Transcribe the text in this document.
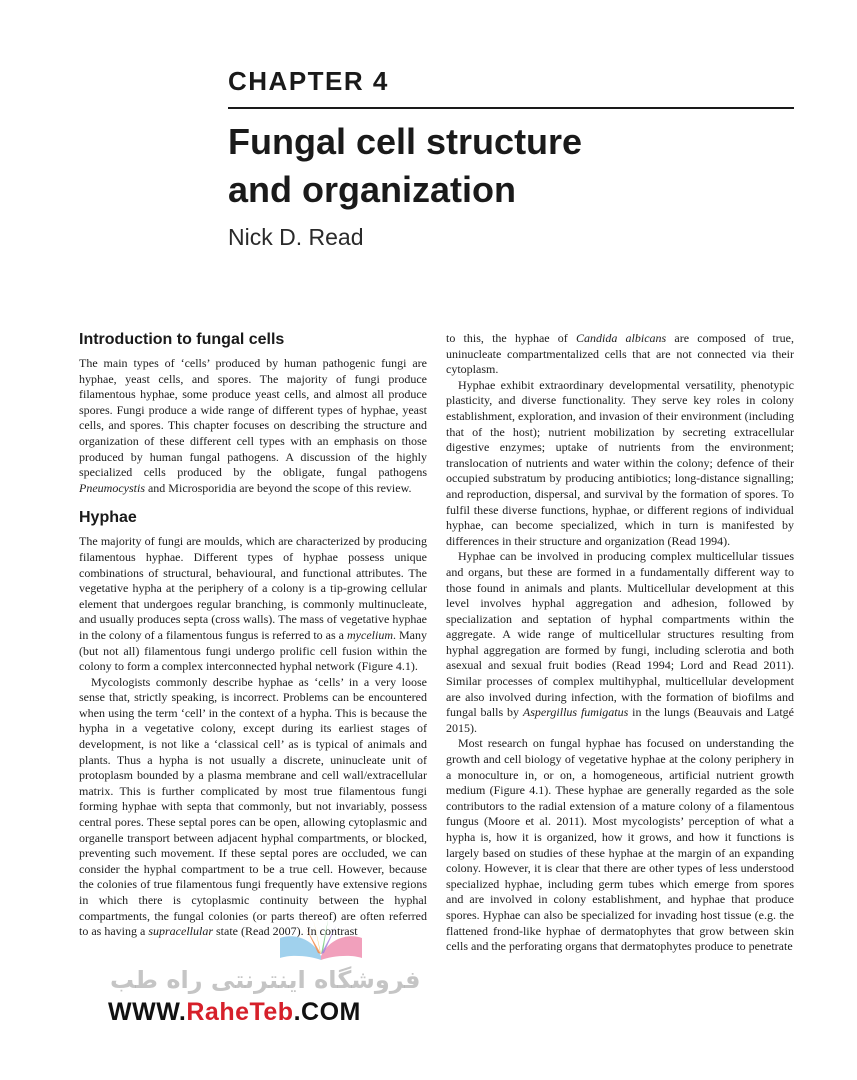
CHAPTER 4
Fungal cell structure
and organization
Nick D. Read
Introduction to fungal cells

The main types of ‘cells’ produced by human pathogenic fungi are hyphae, yeast cells, and spores. The majority of fungi produce filamentous hyphae, some produce yeast cells, and almost all produce spores. Fungi produce a wide range of different types of hyphae, yeast cells, and spores. This chapter focuses on describing the structure and organization of these different cell types with an emphasis on those produced by human fungal pathogens. A discussion of the highly specialized cells produced by the obligate, fungal pathogens Pneumocystis and Microsporidia are beyond the scope of this review.

Hyphae

The majority of fungi are moulds, which are characterized by producing filamentous hyphae. Different types of hyphae possess unique combinations of structural, behavioural, and functional attributes. The vegetative hypha at the periphery of a colony is a tip-growing cellular element that undergoes regular branching, is commonly multinucleate, and usually produces septa (cross walls). The mass of vegetative hyphae in the colony of a filamentous fungus is referred to as a mycelium. Many (but not all) filamentous fungi undergo prolific cell fusion within the colony to form a complex interconnected hyphal network (Figure 4.1).

Mycologists commonly describe hyphae as ‘cells’ in a very loose sense that, strictly speaking, is incorrect. Problems can be encountered when using the term ‘cell’ in the context of a hypha. This is because the hypha in a vegetative colony, except during its earliest stages of development, is not like a ‘classical cell’ as is typical of animals and plants. Thus a hypha is not usually a discrete, uninucleate unit of protoplasm bounded by a plasma membrane and cell wall/extracellular matrix. This is further complicated by most true filamentous fungi forming hyphae with septa that commonly, but not invariably, possess central pores. These septal pores can be open, allowing cytoplasmic and organelle transport between adjacent hyphal compartments, or blocked, preventing such movement. If these septal pores are occluded, we can consider the hyphal compartment to be a true cell. However, because the colonies of true filamentous fungi frequently have extensive regions in which there is cytoplasmic continuity between the hyphal compartments, the fungal colonies (or parts thereof) are often referred to as having a supracellular state (Read 2007). In contrast

to this, the hyphae of Candida albicans are composed of true, uninucleate compartmentalized cells that are not connected via their cytoplasm.

Hyphae exhibit extraordinary developmental versatility, phenotypic plasticity, and diverse functionality. They serve key roles in colony establishment, exploration, and invasion of their environment (including that of the host); nutrient mobilization by secreting extracellular digestive enzymes; uptake of nutrients from the environment; translocation of nutrients and water within the colony; defence of their occupied substratum by producing antibiotics; long-distance signalling; and reproduction, dispersal, and survival by the formation of spores. To fulfil these diverse functions, hyphae, or different regions of individual hyphae, can become specialized, which in turn is manifested by differences in their structure and organization (Read 1994).

Hyphae can be involved in producing complex multicellular tissues and organs, but these are formed in a fundamentally different way to those found in animals and plants. Multicellular development at this level involves hyphal aggregation and adhesion, followed by specialization and septation of hyphal compartments within the aggregate. A wide range of multicellular structures resulting from hyphal aggregation are formed by fungi, including sclerotia and both asexual and sexual fruit bodies (Read 1994; Lord and Read 2011). Similar processes of complex multihyphal, multicellular development are also involved during infection, with the formation of biofilms and fungal balls by Aspergillus fumigatus in the lungs (Beauvais and Latgé 2015).

Most research on fungal hyphae has focused on understanding the growth and cell biology of vegetative hyphae at the colony periphery in a monoculture in, or on, a homogeneous, artificial nutrient growth medium (Figure 4.1). These hyphae are generally regarded as the sole contributors to the radial extension of a mature colony of a filamentous fungus (Moore et al. 2011). Most mycologists’ perception of what a hypha is, how it is organized, how it grows, and how it functions is largely based on studies of these hyphae at the margin of an expanding colony. However, it is clear that there are other types of less understood specialized hyphae, including germ tubes which emerge from spores and are involved in colony establishment, and hyphae that produce spores. Hyphae can also be specialized for invading host tissue (e.g. the flattened frond-like hyphae of dermatophytes that grow between skin cells and the perforating organs that dermatophytes produce to penetrate

فروشگاه اینترنتی راه طب
WWW.RaheTeb.COM
